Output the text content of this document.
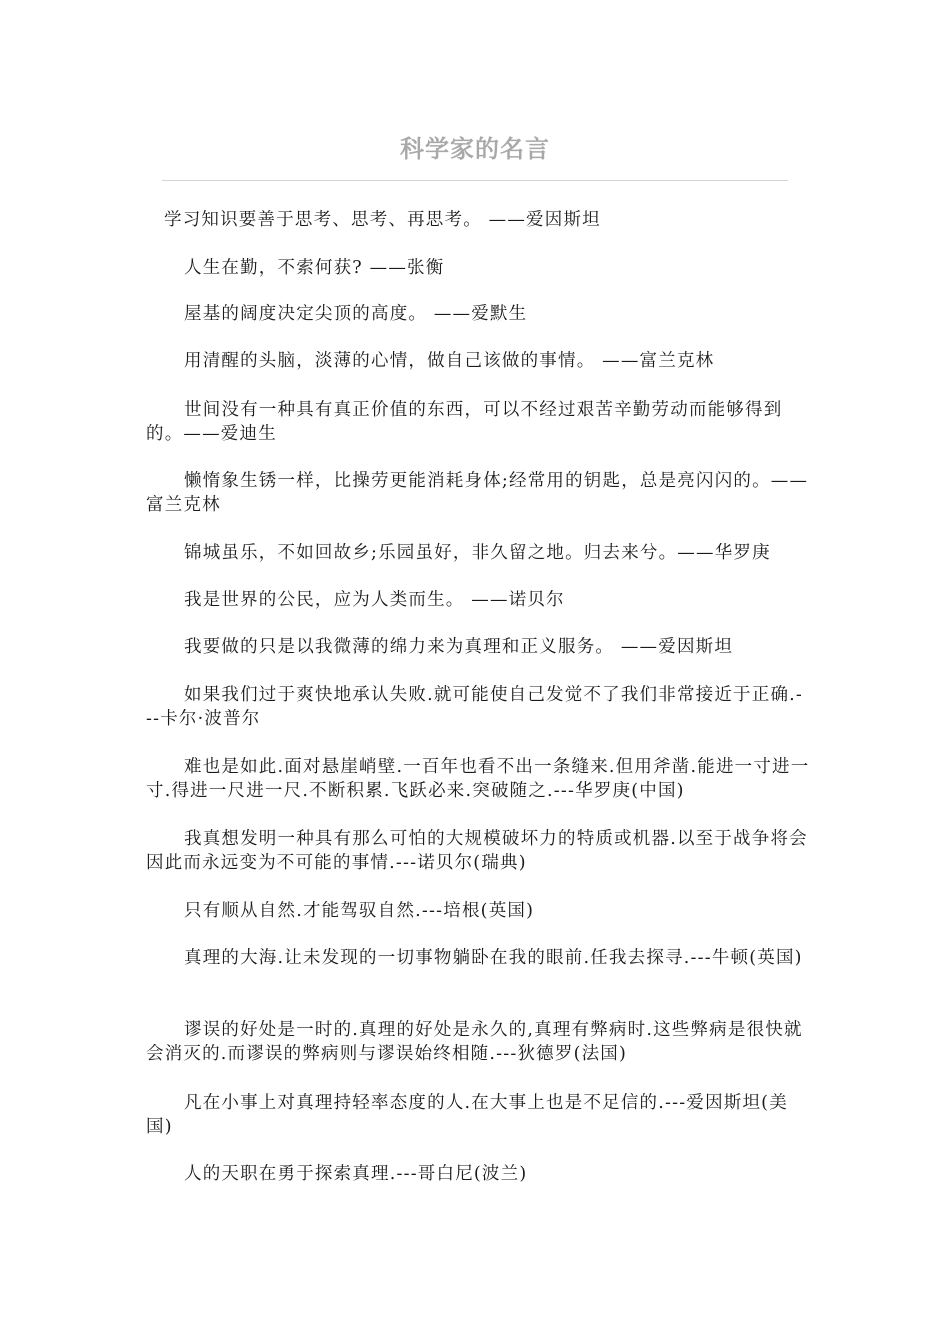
科学家的名言

学习知识要善于思考、思考、再思考。 ——爱因斯坦

人生在勤，不索何获? ——张衡

屋基的阔度决定尖顶的高度。 ——爱默生

用清醒的头脑，淡薄的心情，做自己该做的事情。 ——富兰克林

世间没有一种具有真正价值的东西，可以不经过艰苦辛勤劳动而能够得到的。——爱迪生

懒惰象生锈一样，比操劳更能消耗身体;经常用的钥匙，总是亮闪闪的。——富兰克林

锦城虽乐，不如回故乡;乐园虽好，非久留之地。归去来兮。——华罗庚

我是世界的公民，应为人类而生。 ——诺贝尔

我要做的只是以我微薄的绵力来为真理和正义服务。 ——爱因斯坦

如果我们过于爽快地承认失败.就可能使自己发觉不了我们非常接近于正确.---卡尔·波普尔

难也是如此.面对悬崖峭壁.一百年也看不出一条缝来.但用斧凿.能进一寸进一寸.得进一尺进一尺.不断积累.飞跃必来.突破随之.---华罗庚(中国)

我真想发明一种具有那么可怕的大规模破坏力的特质或机器.以至于战争将会因此而永远变为不可能的事情.---诺贝尔(瑞典)

只有顺从自然.才能驾驭自然.---培根(英国)

真理的大海.让未发现的一切事物躺卧在我的眼前.任我去探寻.---牛顿(英国)

谬误的好处是一时的.真理的好处是永久的,真理有弊病时.这些弊病是很快就会消灭的.而谬误的弊病则与谬误始终相随.---狄德罗(法国)

凡在小事上对真理持轻率态度的人.在大事上也是不足信的.---爱因斯坦(美国)

人的天职在勇于探索真理.---哥白尼(波兰)
